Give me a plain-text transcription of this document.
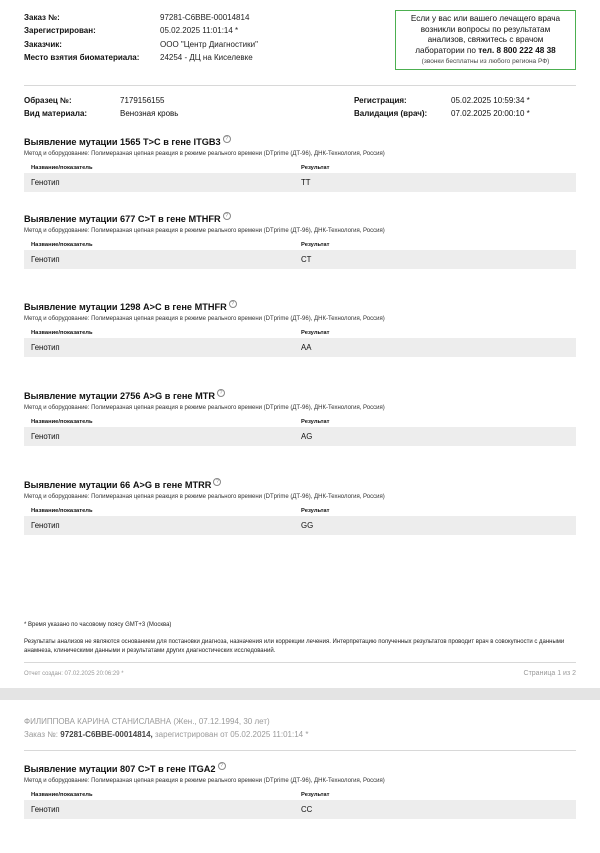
Заказ №:	97281-C6BBE-00014814
Зарегистрирован:	05.02.2025 11:01:14 *
Заказчик:	ООО "Центр Диагностики"
Место взятия биоматериала:	24254 - ДЦ на Киселевке
Если у вас или вашего лечащего врача
возникли вопросы по результатам
анализов, свяжитесь с врачом
лаборатории по тел. 8 800 222 48 38
(звонки бесплатны из любого региона РФ)
Образец №:	7179156155
Вид материала:	Венозная кровь
Регистрация:	05.02.2025 10:59:34 *
Валидация (врач):	07.02.2025 20:00:10 *
Выявление мутации 1565 T>C в гене ITGB3 ?
Метод и оборудование: Полимеразная цепная реакция в режиме реального времени (DTprime (ДТ-96), ДНК-Технология, Россия)
Название/показатель	Результат
Генотип	TT
Выявление мутации 677 C>T в гене MTHFR ?
Метод и оборудование: Полимеразная цепная реакция в режиме реального времени (DTprime (ДТ-96), ДНК-Технология, Россия)
Название/показатель	Результат
Генотип	CT
Выявление мутации 1298 A>C в гене MTHFR ?
Метод и оборудование: Полимеразная цепная реакция в режиме реального времени (DTprime (ДТ-96), ДНК-Технология, Россия)
Название/показатель	Результат
Генотип	AA
Выявление мутации 2756 A>G в гене MTR ?
Метод и оборудование: Полимеразная цепная реакция в режиме реального времени (DTprime (ДТ-96), ДНК-Технология, Россия)
Название/показатель	Результат
Генотип	AG
Выявление мутации 66 A>G в гене MTRR ?
Метод и оборудование: Полимеразная цепная реакция в режиме реального времени (DTprime (ДТ-96), ДНК-Технология, Россия)
Название/показатель	Результат
Генотип	GG
* Время указано по часовому поясу GMT+3 (Москва)
Результаты анализов не являются основанием для постановки диагноза, назначения или коррекции лечения. Интерпретацию полученных результатов проводит врач в совокупности с данными анамнеза, клиническими данными и результатами других диагностических исследований.
Отчет создан: 07.02.2025 20:06:29 *	Страница 1 из 2
ФИЛИППОВА КАРИНА СТАНИСЛАВНА (Жен., 07.12.1994, 30 лет)
Заказ №: 97281-C6BBE-00014814, зарегистрирован от 05.02.2025 11:01:14 *
Выявление мутации 807 C>T в гене ITGA2 ?
Метод и оборудование: Полимеразная цепная реакция в режиме реального времени (DTprime (ДТ-96), ДНК-Технология, Россия)
Название/показатель	Результат
Генотип	CC
